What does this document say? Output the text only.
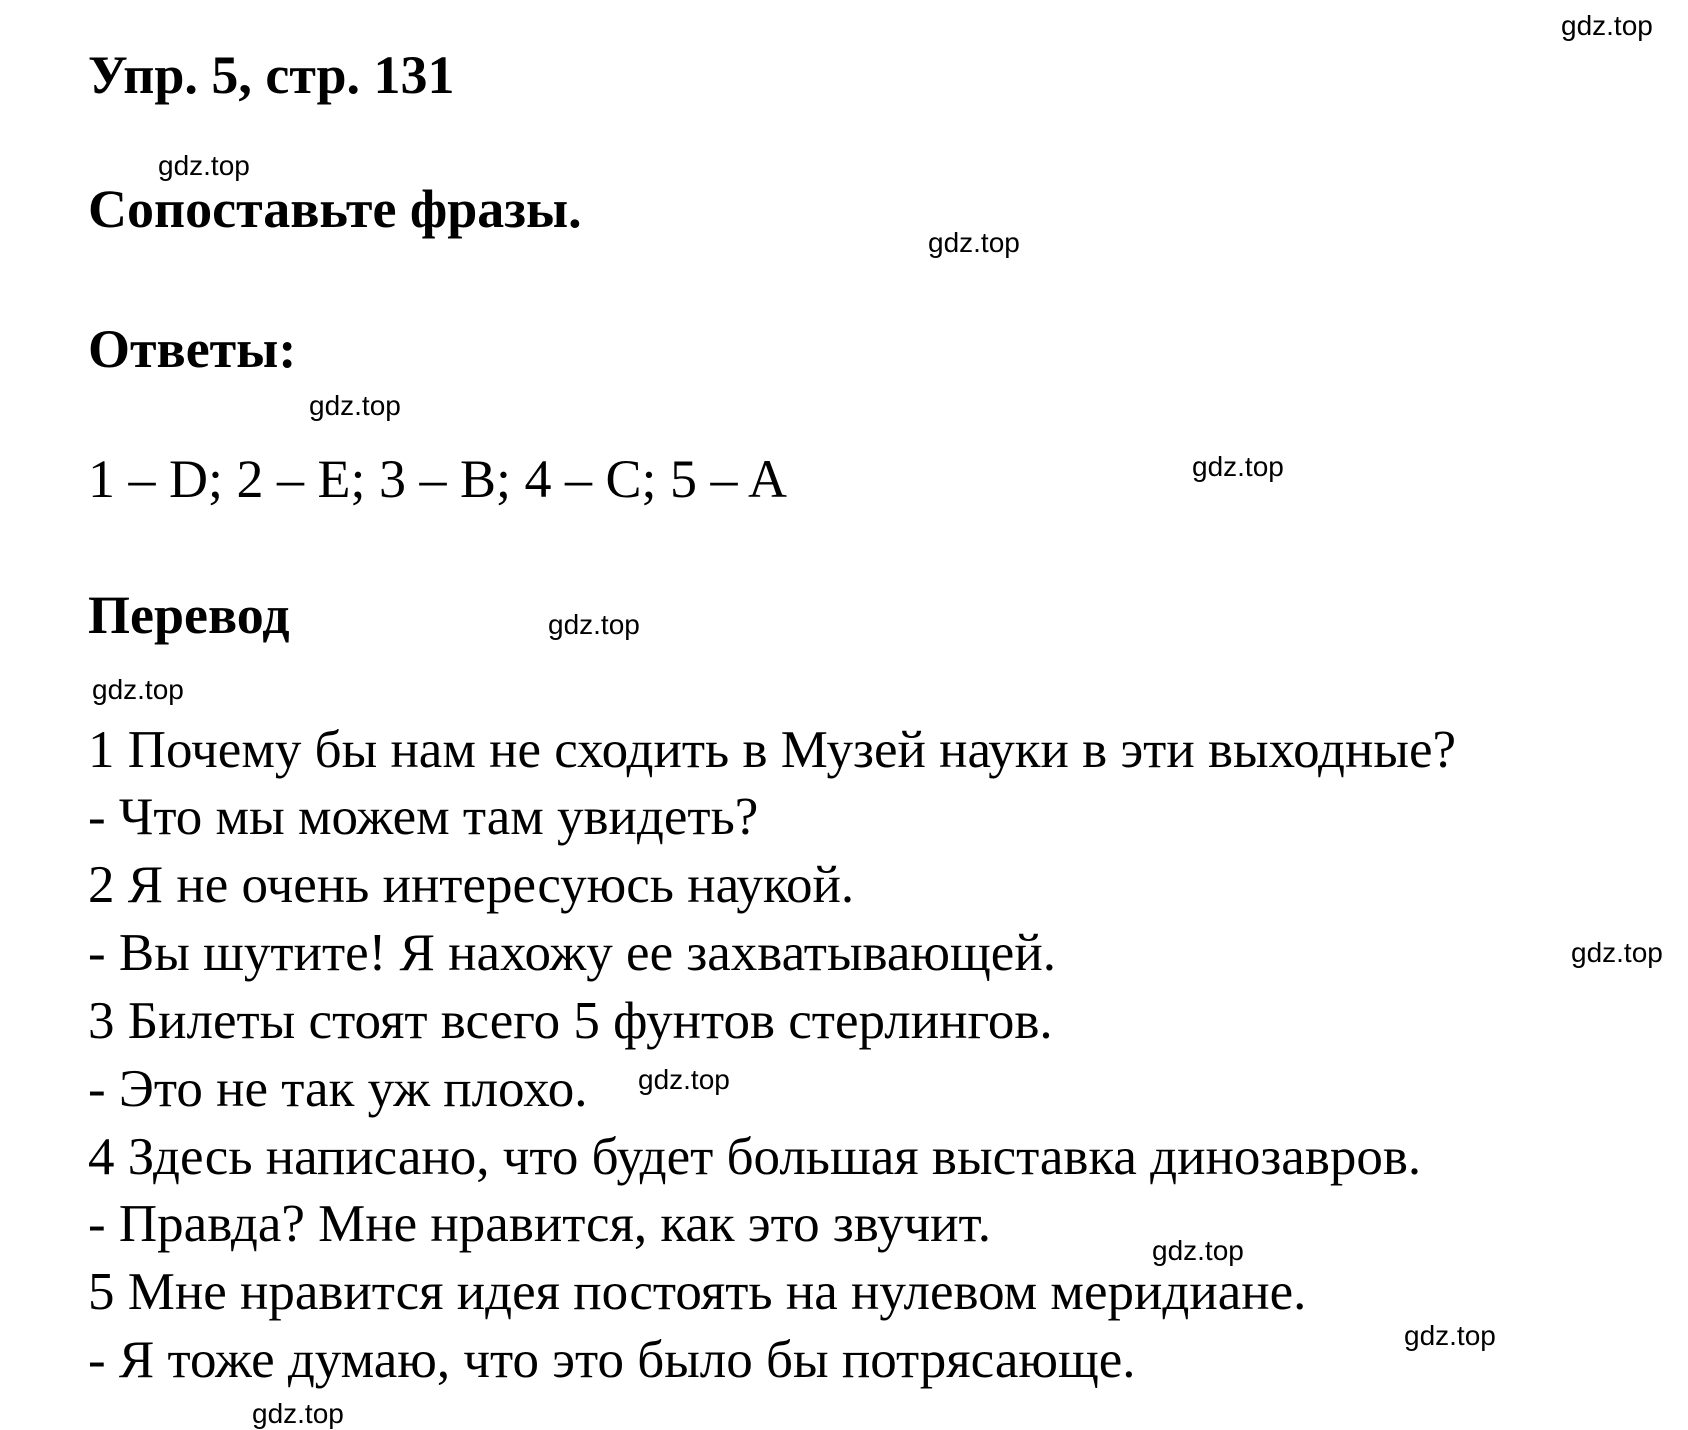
Упр. 5, стр. 131
Сопоставьте фразы.
Ответы:
1 – D; 2 – E; 3 – B; 4 – C; 5 – A
Перевод
1 Почему бы нам не сходить в Музей науки в эти выходные?
- Что мы можем там увидеть?
2 Я не очень интересуюсь наукой.
- Вы шутите! Я нахожу ее захватывающей.
3 Билеты стоят всего 5 фунтов стерлингов.
- Это не так уж плохо.
4 Здесь написано, что будет большая выставка динозавров.
- Правда? Мне нравится, как это звучит.
5 Мне нравится идея постоять на нулевом меридиане.
- Я тоже думаю, что это было бы потрясающе.
gdz.top
gdz.top
gdz.top
gdz.top
gdz.top
gdz.top
gdz.top
gdz.top
gdz.top
gdz.top
gdz.top
gdz.top
